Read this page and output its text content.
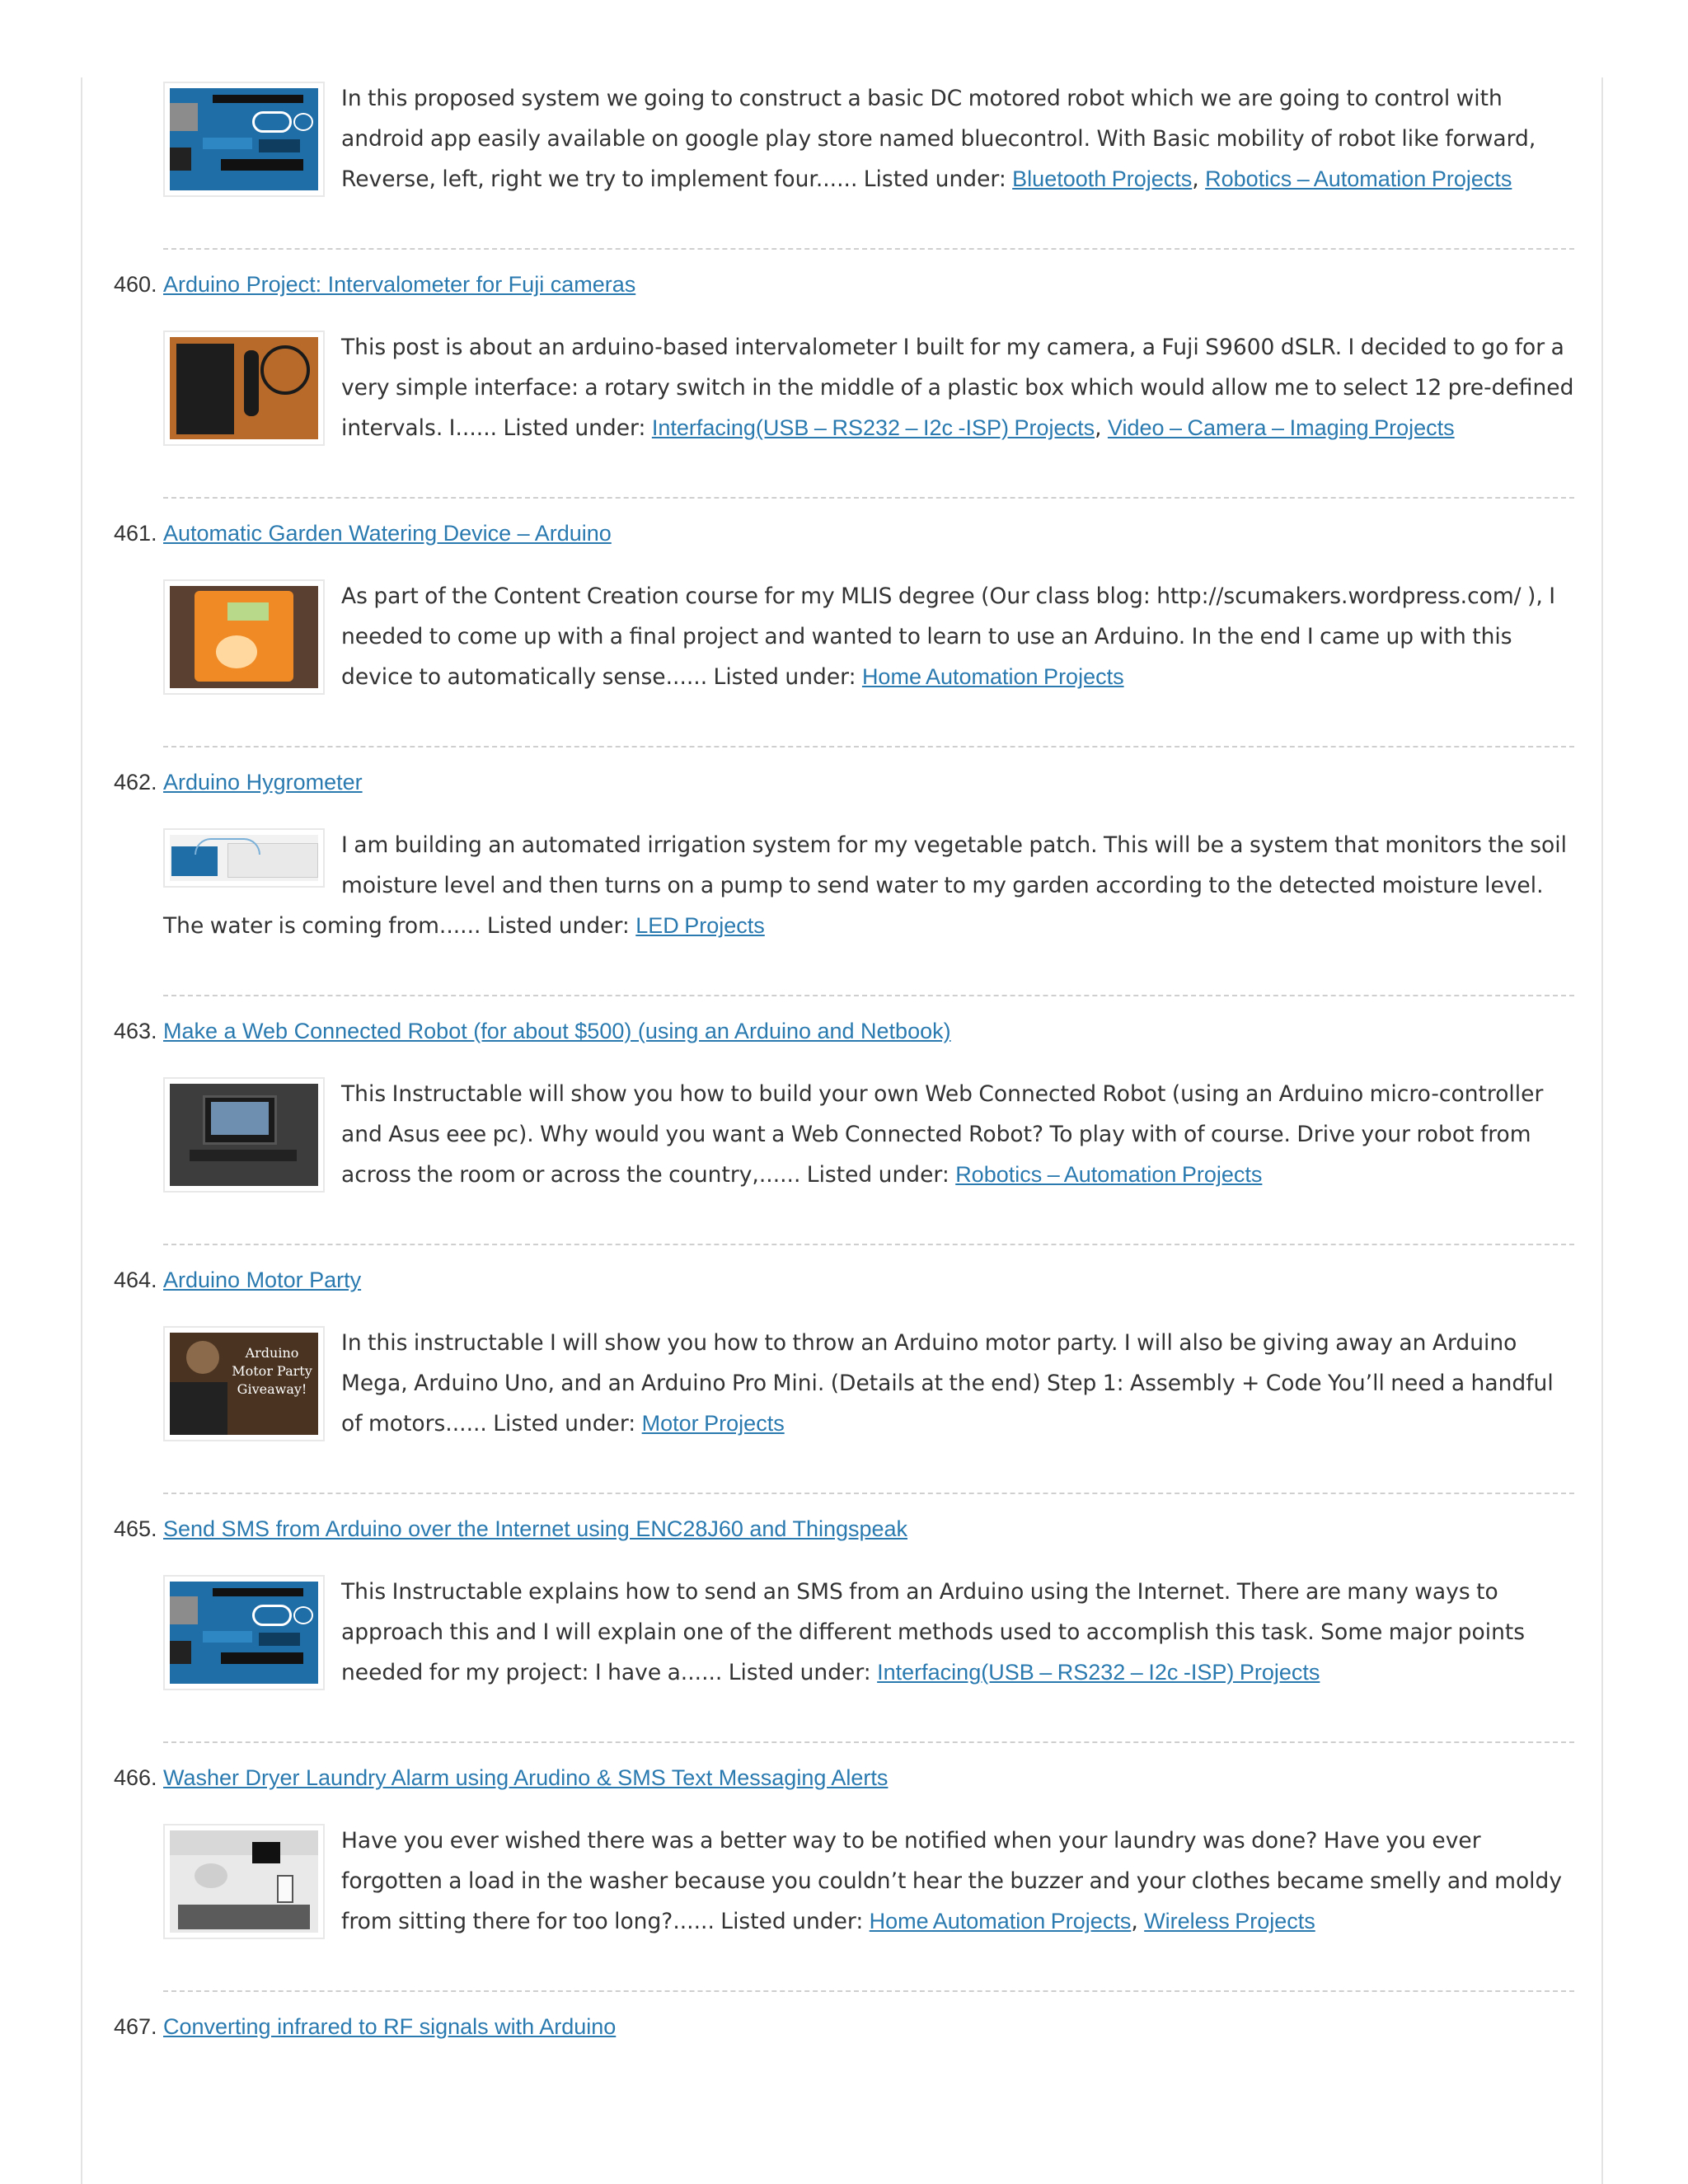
In this proposed system we going to construct a basic DC motored robot which we are going to control with android app easily available on google play store named bluecontrol. With Basic mobility of robot like forward, Reverse, left, right we try to implement four...... Listed under: Bluetooth Projects, Robotics – Automation Projects
460. Arduino Project: Intervalometer for Fuji cameras
This post is about an arduino-based intervalometer I built for my camera, a Fuji S9600 dSLR. I decided to go for a very simple interface: a rotary switch in the middle of a plastic box which would allow me to select 12 pre-defined intervals. I...... Listed under: Interfacing(USB – RS232 – I2c -ISP) Projects, Video – Camera – Imaging Projects
461. Automatic Garden Watering Device – Arduino
As part of the Content Creation course for my MLIS degree (Our class blog: http://scumakers.wordpress.com/ ), I needed to come up with a final project and wanted to learn to use an Arduino. In the end I came up with this device to automatically sense...... Listed under: Home Automation Projects
462. Arduino Hygrometer
I am building an automated irrigation system for my vegetable patch. This will be a system that monitors the soil moisture level and then turns on a pump to send water to my garden according to the detected moisture level. The water is coming from...... Listed under: LED Projects
463. Make a Web Connected Robot (for about $500) (using an Arduino and Netbook)
This Instructable will show you how to build your own Web Connected Robot (using an Arduino micro-controller and Asus eee pc). Why would you want a Web Connected Robot? To play with of course. Drive your robot from across the room or across the country,...... Listed under: Robotics – Automation Projects
464. Arduino Motor Party
Arduino Motor Party Giveaway!
In this instructable I will show you how to throw an Arduino motor party. I will also be giving away an Arduino Mega, Arduino Uno, and an Arduino Pro Mini. (Details at the end) Step 1: Assembly + Code You’ll need a handful of motors...... Listed under: Motor Projects
465. Send SMS from Arduino over the Internet using ENC28J60 and Thingspeak
This Instructable explains how to send an SMS from an Arduino using the Internet. There are many ways to approach this and I will explain one of the different methods used to accomplish this task. Some major points needed for my project: I have a...... Listed under: Interfacing(USB – RS232 – I2c -ISP) Projects
466. Washer Dryer Laundry Alarm using Arudino & SMS Text Messaging Alerts
Have you ever wished there was a better way to be notified when your laundry was done? Have you ever forgotten a load in the washer because you couldn’t hear the buzzer and your clothes became smelly and moldy from sitting there for too long?...... Listed under: Home Automation Projects, Wireless Projects
467. Converting infrared to RF signals with Arduino
